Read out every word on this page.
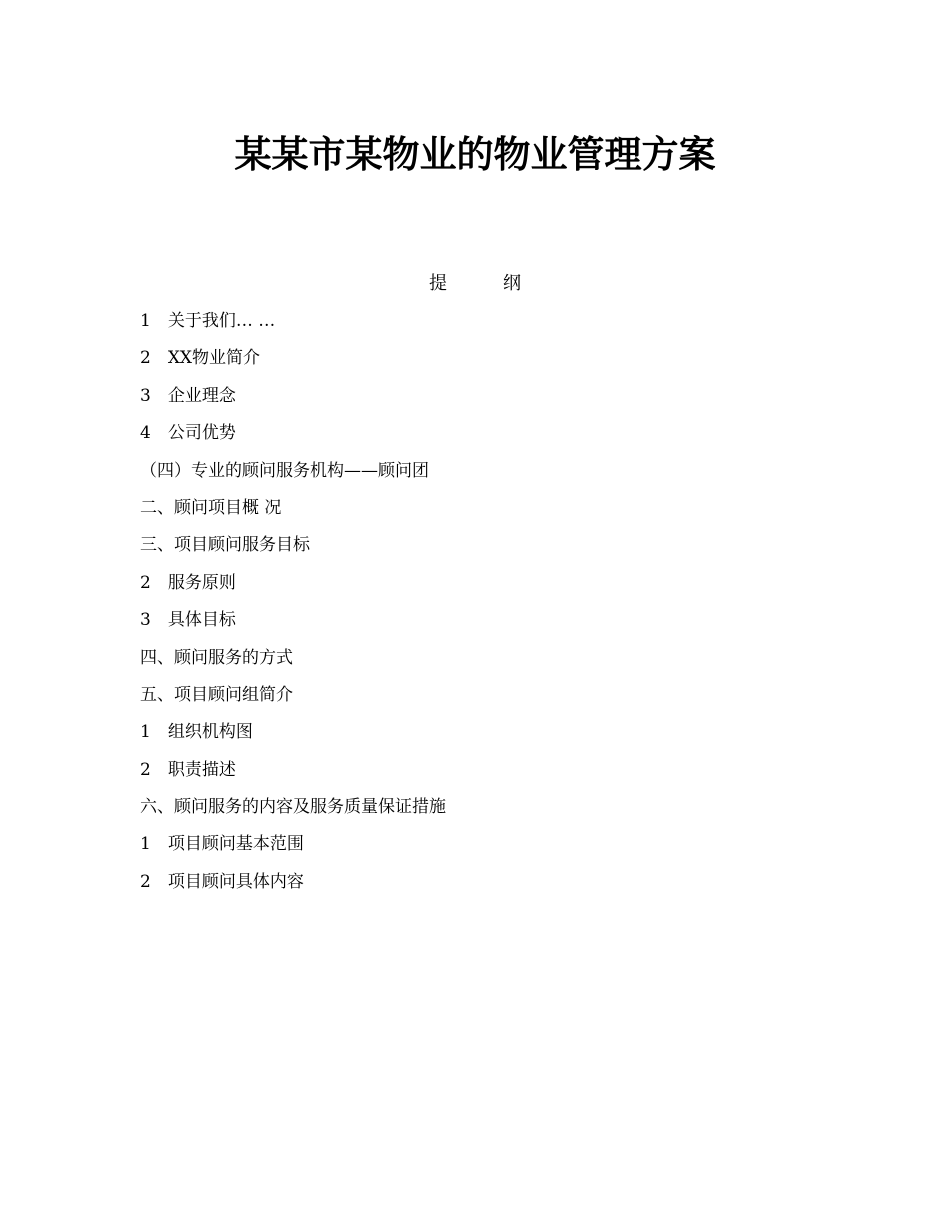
某某市某物业的物业管理方案
提	纲
1　关于我们… …
2　XX物业简介
3　企业理念
4　公司优势
（四）专业的顾问服务机构——顾问团
二、顾问项目概 况
三、项目顾问服务目标
2　服务原则
3　具体目标
四、顾问服务的方式
五、项目顾问组简介
1　组织机构图
2　职责描述
六、顾问服务的内容及服务质量保证措施
1　项目顾问基本范围
2　项目顾问具体内容
